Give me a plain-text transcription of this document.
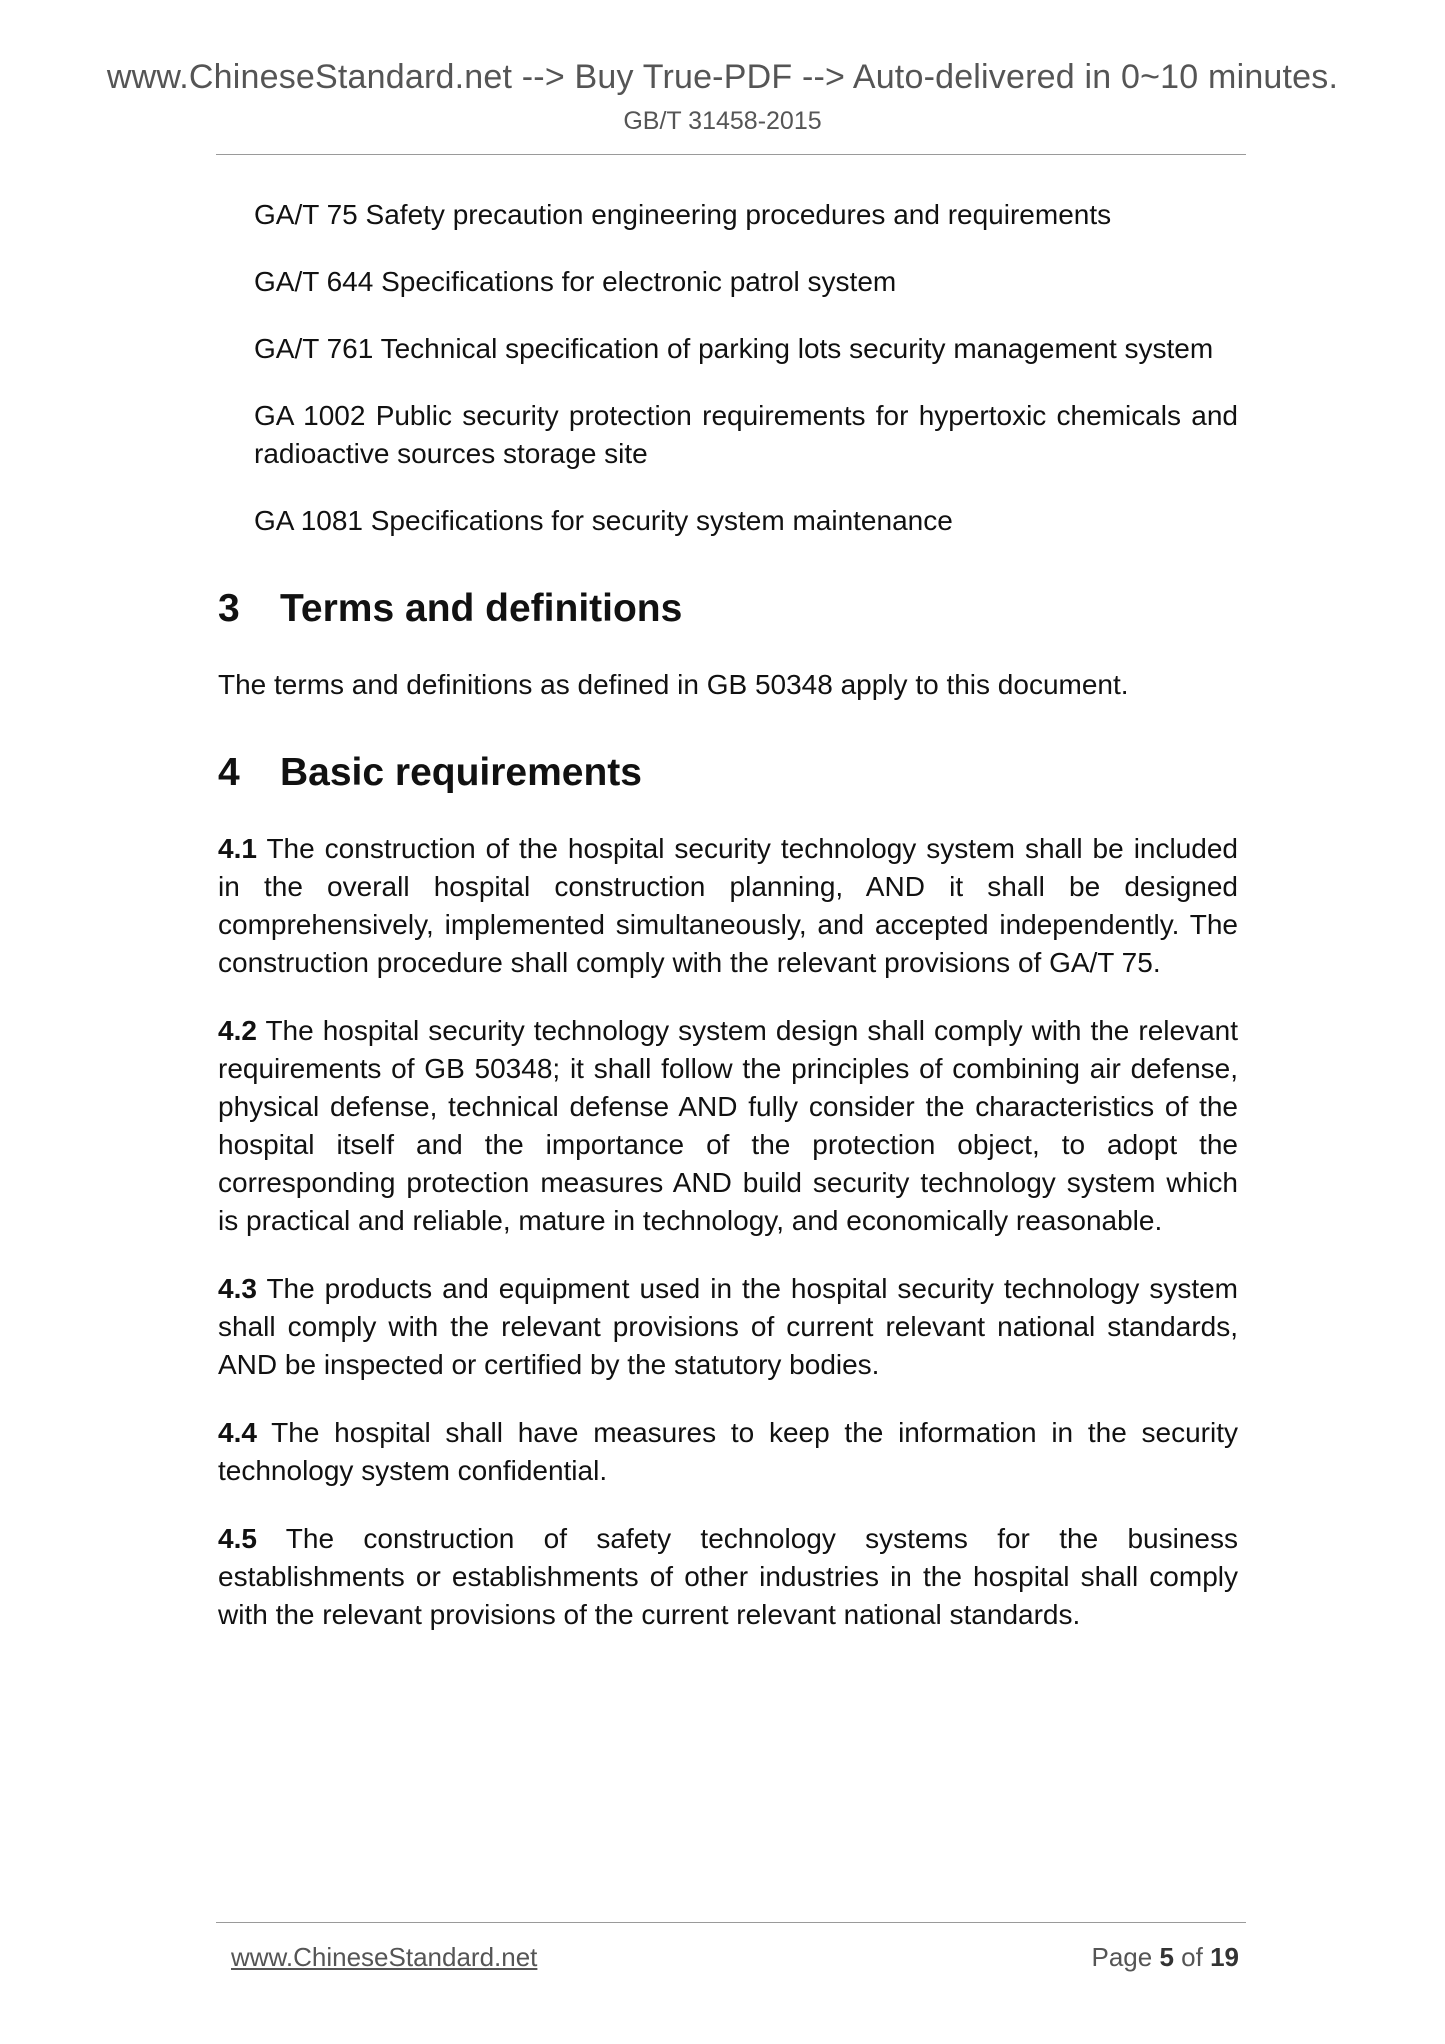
www.ChineseStandard.net --> Buy True-PDF --> Auto-delivered in 0~10 minutes.
GB/T 31458-2015
GA/T 75 Safety precaution engineering procedures and requirements
GA/T 644 Specifications for electronic patrol system
GA/T 761 Technical specification of parking lots security management system
GA 1002 Public security protection requirements for hypertoxic chemicals and radioactive sources storage site
GA 1081 Specifications for security system maintenance
3	Terms and definitions

The terms and definitions as defined in GB 50348 apply to this document.

4	Basic requirements

4.1 The construction of the hospital security technology system shall be included in the overall hospital construction planning, AND it shall be designed comprehensively, implemented simultaneously, and accepted independently. The construction procedure shall comply with the relevant provisions of GA/T 75.

4.2 The hospital security technology system design shall comply with the relevant requirements of GB 50348; it shall follow the principles of combining air defense, physical defense, technical defense AND fully consider the characteristics of the hospital itself and the importance of the protection object, to adopt the corresponding protection measures AND build security technology system which is practical and reliable, mature in technology, and economically reasonable.

4.3 The products and equipment used in the hospital security technology system shall comply with the relevant provisions of current relevant national standards, AND be inspected or certified by the statutory bodies.

4.4 The hospital shall have measures to keep the information in the security technology system confidential.

4.5 The construction of safety technology systems for the business establishments or establishments of other industries in the hospital shall comply with the relevant provisions of the current relevant national standards.

www.ChineseStandard.net	Page 5 of 19
